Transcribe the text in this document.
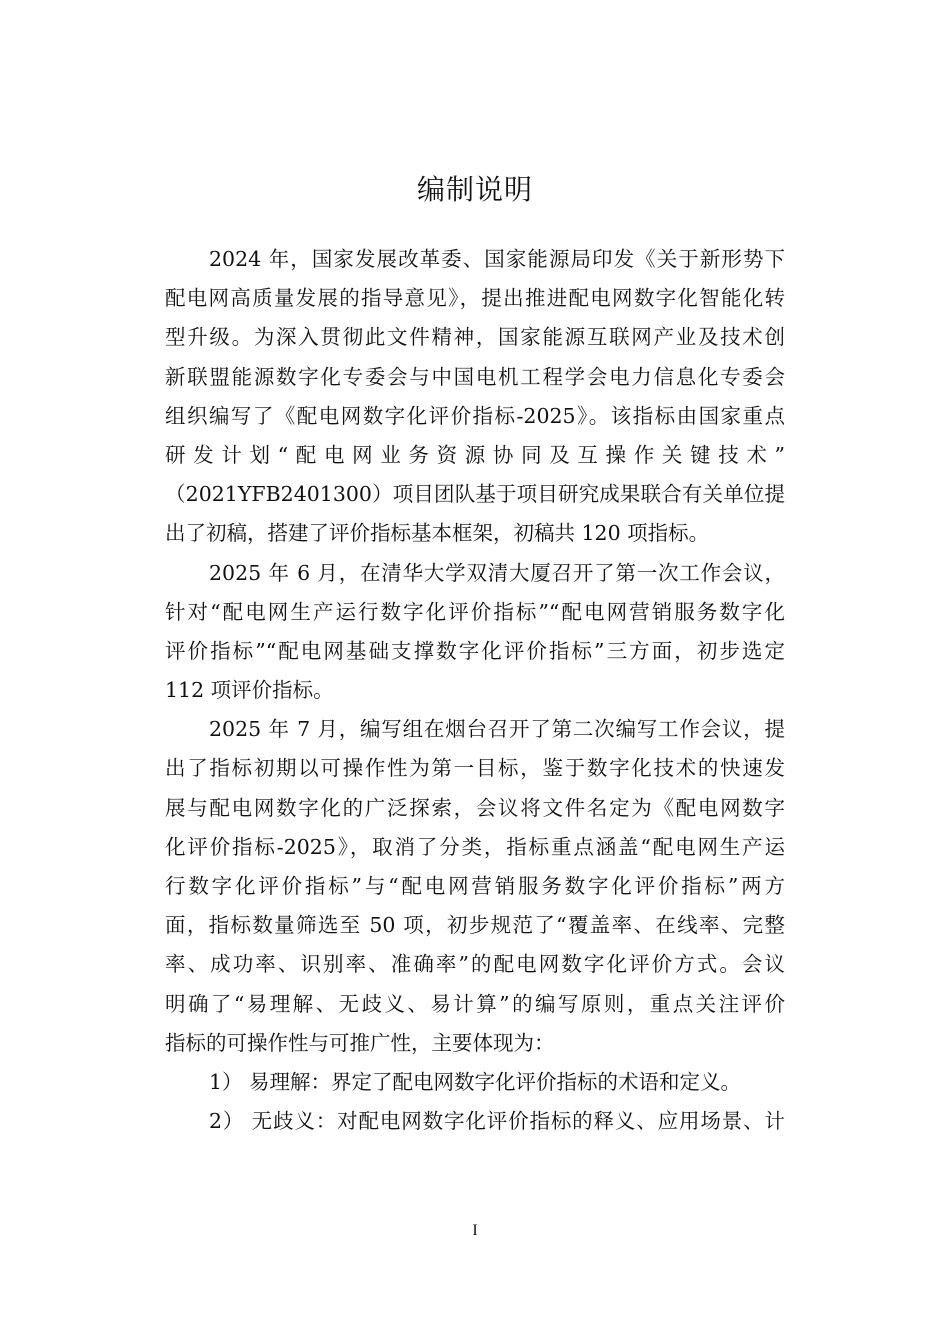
编制说明
2024 年，国家发展改革委、国家能源局印发《关于新形势下
配电网高质量发展的指导意见》，提出推进配电网数字化智能化转
型升级。为深入贯彻此文件精神，国家能源互联网产业及技术创
新联盟能源数字化专委会与中国电机工程学会电力信息化专委会
组织编写了《配电网数字化评价指标-2025》。该指标由国家重点
研发计划“配电网业务资源协同及互操作关键技术”
（2021YFB2401300）项目团队基于项目研究成果联合有关单位提
出了初稿，搭建了评价指标基本框架，初稿共 120 项指标。
2025 年 6 月，在清华大学双清大厦召开了第一次工作会议，
针对“配电网生产运行数字化评价指标”“配电网营销服务数字化
评价指标”“配电网基础支撑数字化评价指标”三方面，初步选定
112 项评价指标。
2025 年 7 月，编写组在烟台召开了第二次编写工作会议，提
出了指标初期以可操作性为第一目标，鉴于数字化技术的快速发
展与配电网数字化的广泛探索，会议将文件名定为《配电网数字
化评价指标-2025》，取消了分类，指标重点涵盖“配电网生产运
行数字化评价指标”与“配电网营销服务数字化评价指标”两方
面，指标数量筛选至 50 项，初步规范了“覆盖率、在线率、完整
率、成功率、识别率、准确率”的配电网数字化评价方式。会议
明确了“易理解、无歧义、易计算”的编写原则，重点关注评价
指标的可操作性与可推广性，主要体现为：
1） 易理解：界定了配电网数字化评价指标的术语和定义。
2） 无歧义：对配电网数字化评价指标的释义、应用场景、计
I
